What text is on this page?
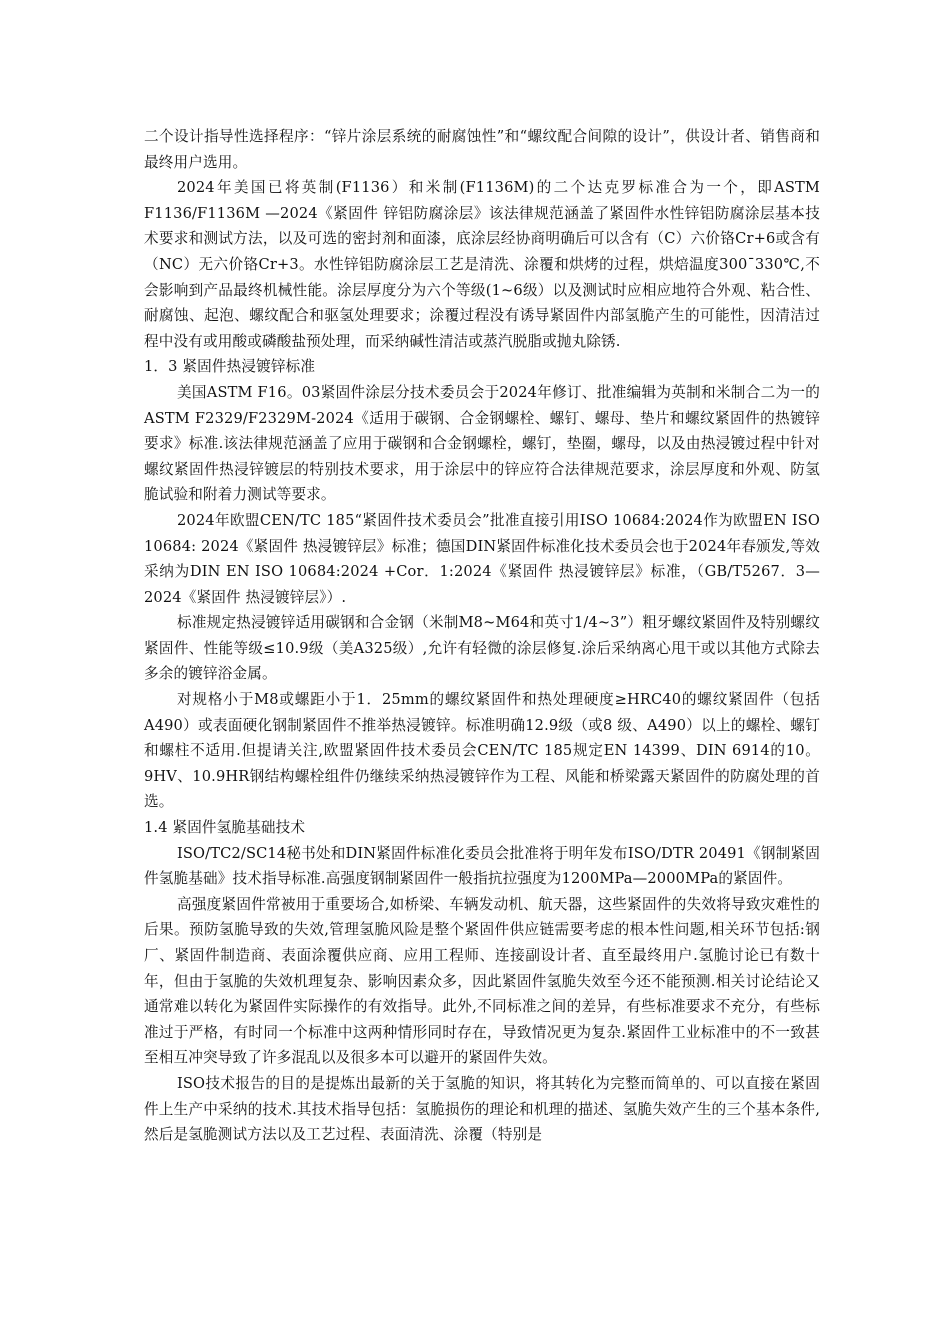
二个设计指导性选择程序：“锌片涂层系统的耐腐蚀性”和“螺纹配合间隙的设计”，供设计者、销售商和最终用户选用。

2024年美国已将英制(F1136）和米制(F1136M)的二个达克罗标准合为一个，即ASTM F1136/F1136M —2024《紧固件 锌铝防腐涂层》该法律规范涵盖了紧固件水性锌铝防腐涂层基本技术要求和测试方法，以及可选的密封剂和面漆，底涂层经协商明确后可以含有（C）六价铬Cr+6或含有（NC）无六价铬Cr+3。水性锌铝防腐涂层工艺是清洗、涂覆和烘烤的过程，烘焙温度300¯330℃,不会影响到产品最终机械性能。涂层厚度分为六个等级(1~6级）以及测试时应相应地符合外观、粘合性、耐腐蚀、起泡、螺纹配合和驱氢处理要求；涂覆过程没有诱导紧固件内部氢脆产生的可能性，因清洁过程中没有或用酸或磷酸盐预处理，而采纳碱性清洁或蒸汽脱脂或抛丸除锈.

1．3 紧固件热浸镀锌标准

美国ASTM F16。03紧固件涂层分技术委员会于2024年修订、批准编辑为英制和米制合二为一的ASTM F2329/F2329M-2024《适用于碳钢、合金钢螺栓、螺钉、螺母、垫片和螺纹紧固件的热镀锌要求》标准.该法律规范涵盖了应用于碳钢和合金钢螺栓，螺钉，垫圈，螺母，以及由热浸镀过程中针对螺纹紧固件热浸锌镀层的特别技术要求，用于涂层中的锌应符合法律规范要求，涂层厚度和外观、防氢脆试验和附着力测试等要求。

2024年欧盟CEN/TC 185“紧固件技术委员会”批准直接引用ISO 10684:2024作为欧盟EN ISO 10684: 2024《紧固件 热浸镀锌层》标准；德国DIN紧固件标准化技术委员会也于2024年春颁发,等效采纳为DIN EN ISO 10684:2024 +Cor．1:2024《紧固件 热浸镀锌层》标准，（GB/T5267．3—2024《紧固件 热浸镀锌层》）.

标准规定热浸镀锌适用碳钢和合金钢（米制M8~M64和英寸1/4~3”）粗牙螺纹紧固件及特别螺纹紧固件、性能等级≤10.9级（美A325级）,允许有轻微的涂层修复.涂后采纳离心甩干或以其他方式除去多余的镀锌浴金属。

对规格小于M8或螺距小于1．25mm的螺纹紧固件和热处理硬度≥HRC40的螺纹紧固件（包括A490）或表面硬化钢制紧固件不推举热浸镀锌。标准明确12.9级（或8 级、A490）以上的螺栓、螺钉和螺柱不适用.但提请关注,欧盟紧固件技术委员会CEN/TC 185规定EN 14399、DIN 6914的10。9HV、10.9HR钢结构螺栓组件仍继续采纳热浸镀锌作为工程、风能和桥梁露天紧固件的防腐处理的首选。

1.4 紧固件氢脆基础技术

ISO/TC2/SC14秘书处和DIN紧固件标准化委员会批准将于明年发布ISO/DTR 20491《钢制紧固件氢脆基础》技术指导标准.高强度钢制紧固件一般指抗拉强度为1200MPa—2000MPa的紧固件。

高强度紧固件常被用于重要场合,如桥梁、车辆发动机、航天器，这些紧固件的失效将导致灾难性的后果。预防氢脆导致的失效,管理氢脆风险是整个紧固件供应链需要考虑的根本性问题,相关环节包括:钢厂、紧固件制造商、表面涂覆供应商、应用工程师、连接副设计者、直至最终用户.氢脆讨论已有数十年，但由于氢脆的失效机理复杂、影响因素众多，因此紧固件氢脆失效至今还不能预测.相关讨论结论又通常难以转化为紧固件实际操作的有效指导。此外,不同标准之间的差异，有些标准要求不充分，有些标准过于严格，有时同一个标准中这两种情形同时存在，导致情况更为复杂.紧固件工业标准中的不一致甚至相互冲突导致了许多混乱以及很多本可以避开的紧固件失效。

ISO技术报告的目的是提炼出最新的关于氢脆的知识，将其转化为完整而简单的、可以直接在紧固件上生产中采纳的技术.其技术指导包括：氢脆损伤的理论和机理的描述、氢脆失效产生的三个基本条件,然后是氢脆测试方法以及工艺过程、表面清洗、涂覆（特别是
